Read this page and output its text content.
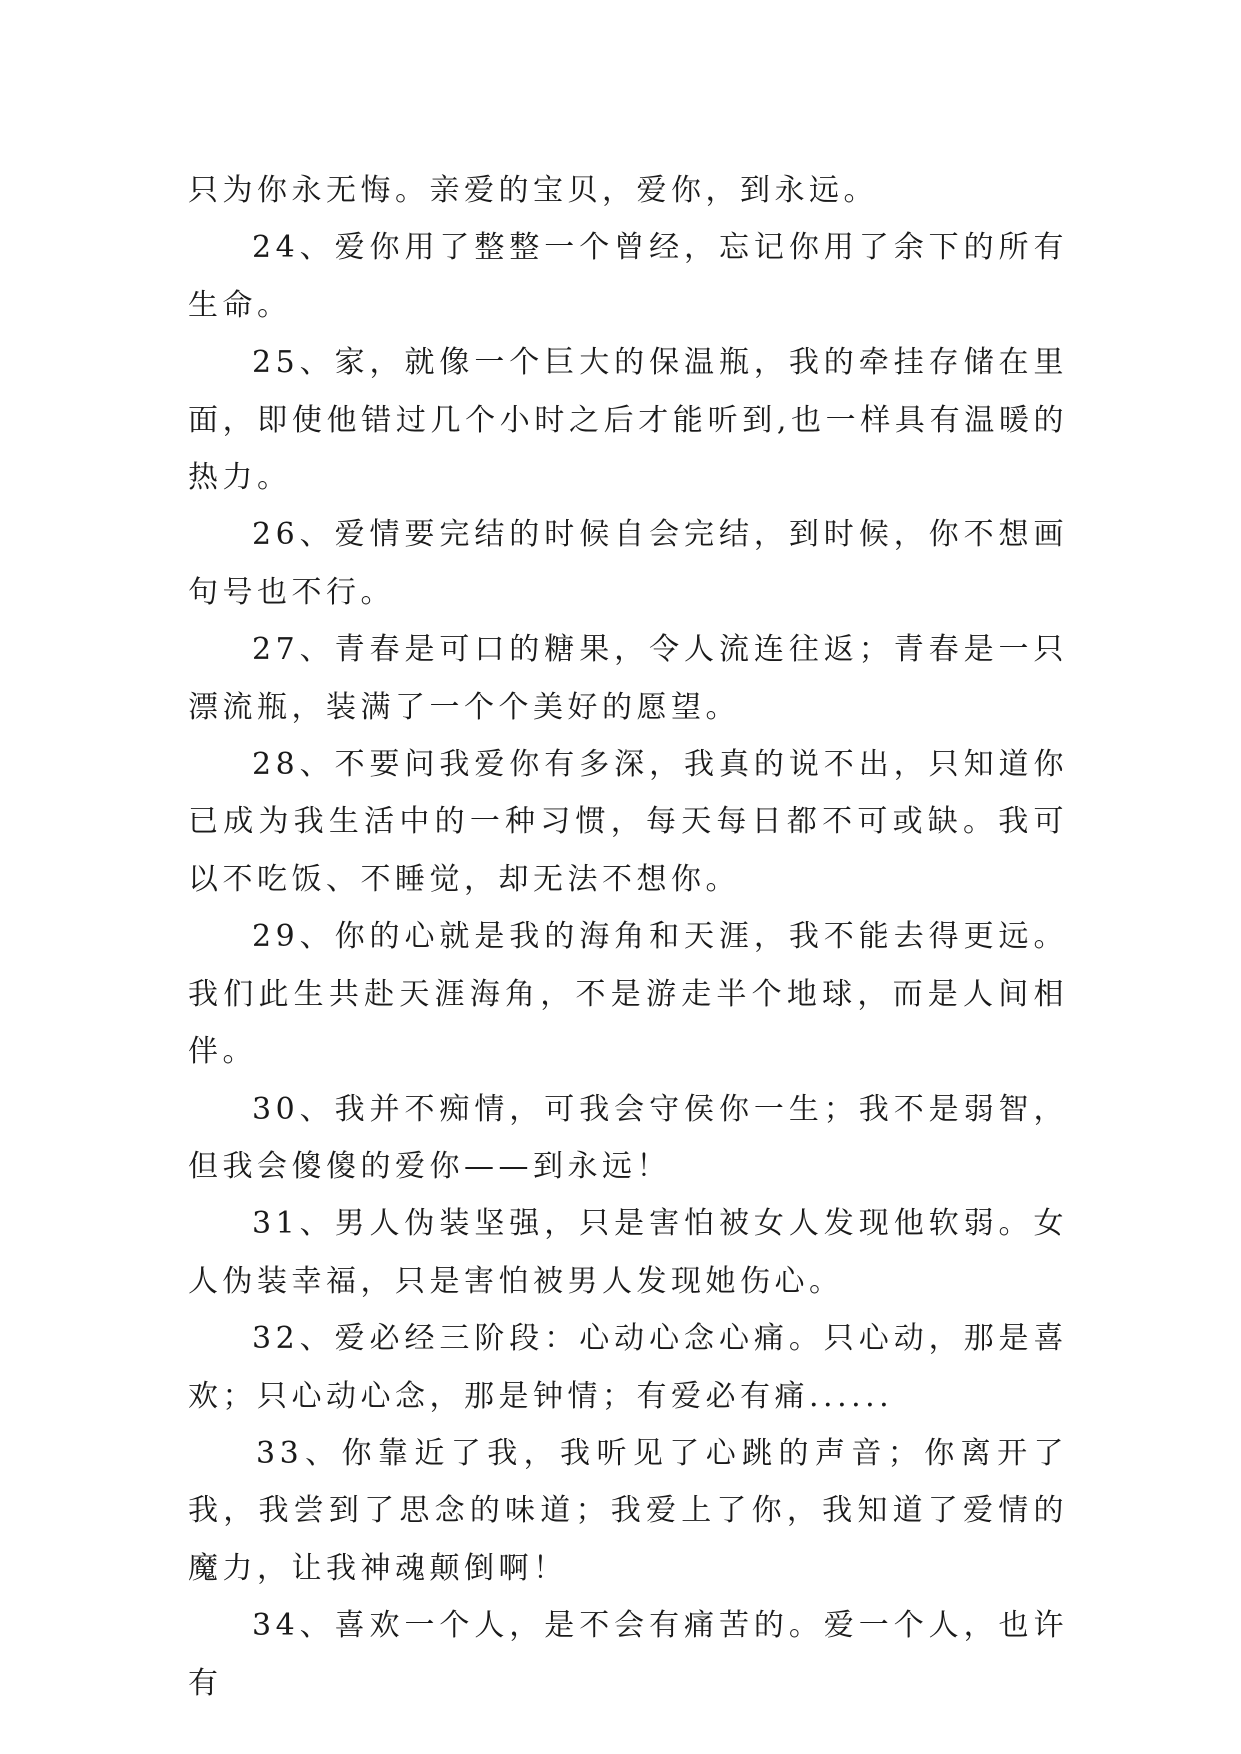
只为你永无悔。亲爱的宝贝，爱你，到永远。

24、爱你用了整整一个曾经，忘记你用了余下的所有生命。

25、家，就像一个巨大的保温瓶，我的牵挂存储在里面，即使他错过几个小时之后才能听到,也一样具有温暖的热力。

26、爱情要完结的时候自会完结，到时候，你不想画句号也不行。

27、青春是可口的糖果，令人流连往返；青春是一只漂流瓶，装满了一个个美好的愿望。

28、不要问我爱你有多深，我真的说不出，只知道你已成为我生活中的一种习惯，每天每日都不可或缺。我可以不吃饭、不睡觉，却无法不想你。

29、你的心就是我的海角和天涯，我不能去得更远。我们此生共赴天涯海角，不是游走半个地球，而是人间相伴。

30、我并不痴情，可我会守侯你一生；我不是弱智，但我会傻傻的爱你——到永远！

31、男人伪装坚强，只是害怕被女人发现他软弱。女人伪装幸福，只是害怕被男人发现她伤心。

32、爱必经三阶段：心动心念心痛。只心动，那是喜欢；只心动心念，那是钟情；有爱必有痛......

33、你靠近了我，我听见了心跳的声音；你离开了我，我尝到了思念的味道；我爱上了你，我知道了爱情的魔力，让我神魂颠倒啊！

34、喜欢一个人，是不会有痛苦的。爱一个人，也许有
